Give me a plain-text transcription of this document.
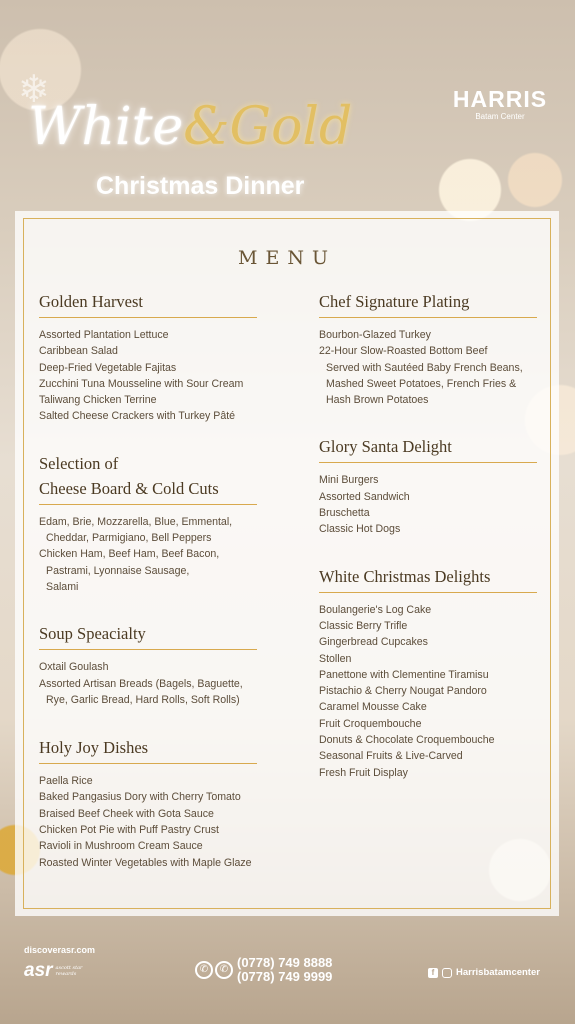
❄
White&Gold
Christmas Dinner
HARRIS
Batam Center
MENU
Golden Harvest
Assorted Plantation Lettuce
Caribbean Salad
Deep-Fried Vegetable Fajitas
Zucchini Tuna Mousseline with Sour Cream
Taliwang Chicken Terrine
Salted Cheese Crackers with Turkey Pâté
Selection of
Cheese Board & Cold Cuts
Edam, Brie, Mozzarella, Blue, Emmental,
Cheddar, Parmigiano, Bell Peppers
Chicken Ham, Beef Ham, Beef Bacon,
Pastrami, Lyonnaise Sausage,
Salami
Soup Speacialty
Oxtail Goulash
Assorted Artisan Breads (Bagels, Baguette,
Rye, Garlic Bread, Hard Rolls, Soft Rolls)
Holy Joy Dishes
Paella Rice
Baked Pangasius Dory with Cherry Tomato
Braised Beef Cheek with Gota Sauce
Chicken Pot Pie with Puff Pastry Crust
Ravioli in Mushroom Cream Sauce
Roasted Winter Vegetables with Maple Glaze
Chef Signature Plating
Bourbon-Glazed Turkey
22-Hour Slow-Roasted Bottom Beef
Served with Sautéed Baby French Beans,
Mashed Sweet Potatoes, French Fries &
Hash Brown Potatoes
Glory Santa Delight
Mini Burgers
Assorted Sandwich
Bruschetta
Classic Hot Dogs
White Christmas Delights
Boulangerie's Log Cake
Classic Berry Trifle
Gingerbread Cupcakes
Stollen
Panettone with Clementine Tiramisu
Pistachio & Cherry Nougat Pandoro
Caramel Mousse Cake
Fruit Croquembouche
Donuts & Chocolate Croquembouche
Seasonal Fruits & Live-Carved
Fresh Fruit Display
discoverasr.com
asr ascott star rewards	✆	✆ (0778) 749 8888
(0778) 749 9999	f	Harrisbatamcenter
